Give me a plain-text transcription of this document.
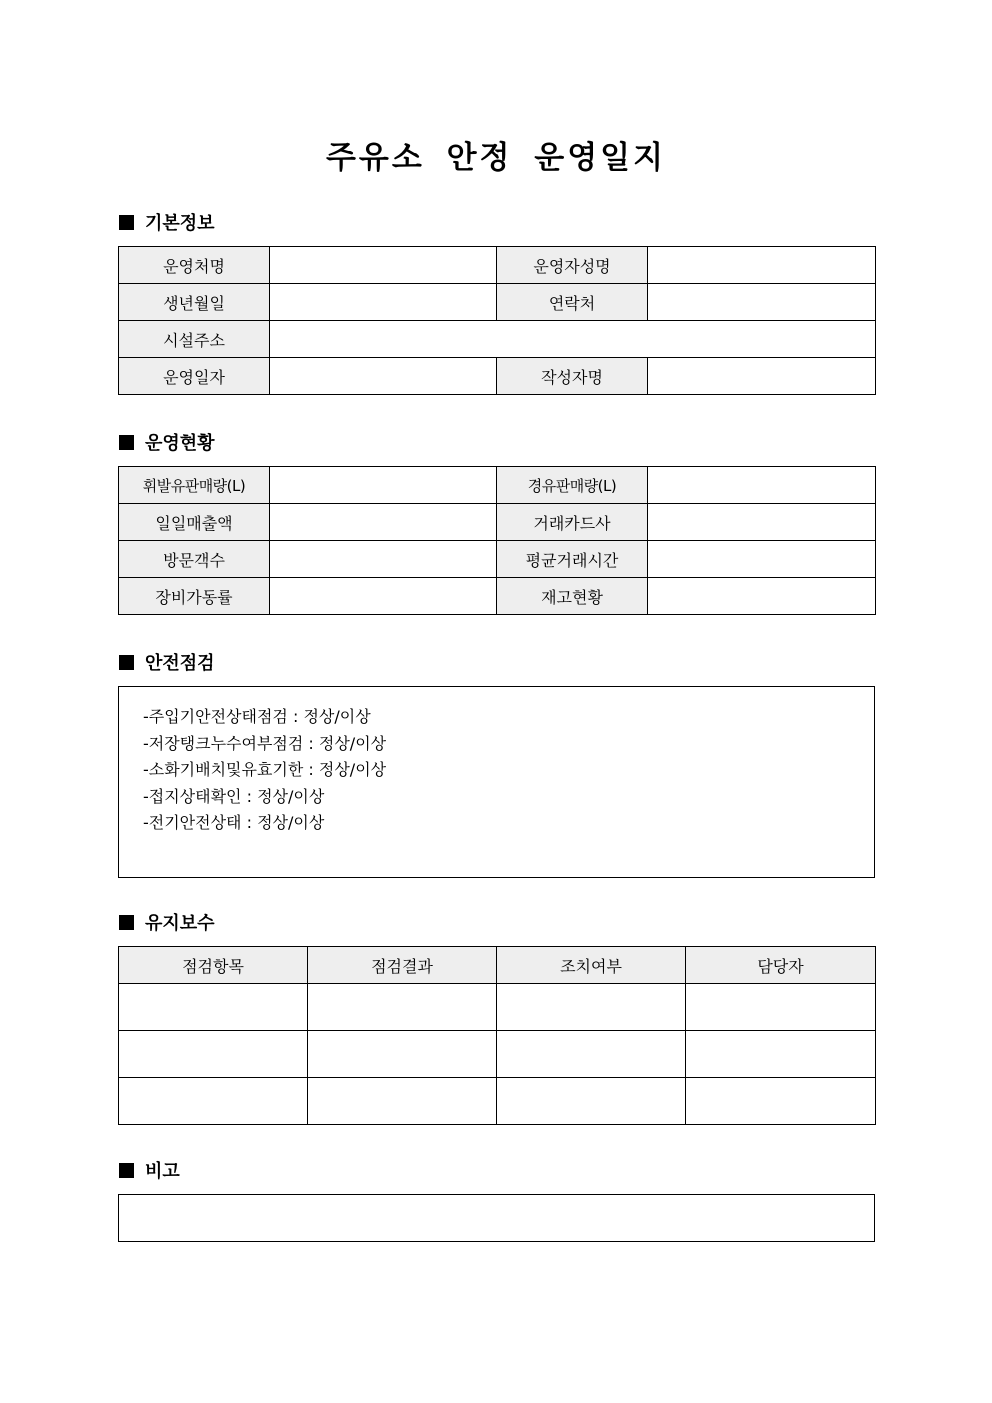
주유소 안정 운영일지
기본정보
운영처명		운영자성명	
생년월일		연락처	
시설주소			
운영일자		작성자명	
운영현황
휘발유판매량(L)		경유판매량(L)	
일일매출액		거래카드사	
방문객수		평균거래시간	
장비가동률		재고현황	
안전점검
-주입기안전상태점검 : 정상/이상
-저장탱크누수여부점검 : 정상/이상
-소화기배치및유효기한 : 정상/이상
-접지상태확인 : 정상/이상
-전기안전상태 : 정상/이상
유지보수
점검항목	점검결과	조치여부	담당자

비고
